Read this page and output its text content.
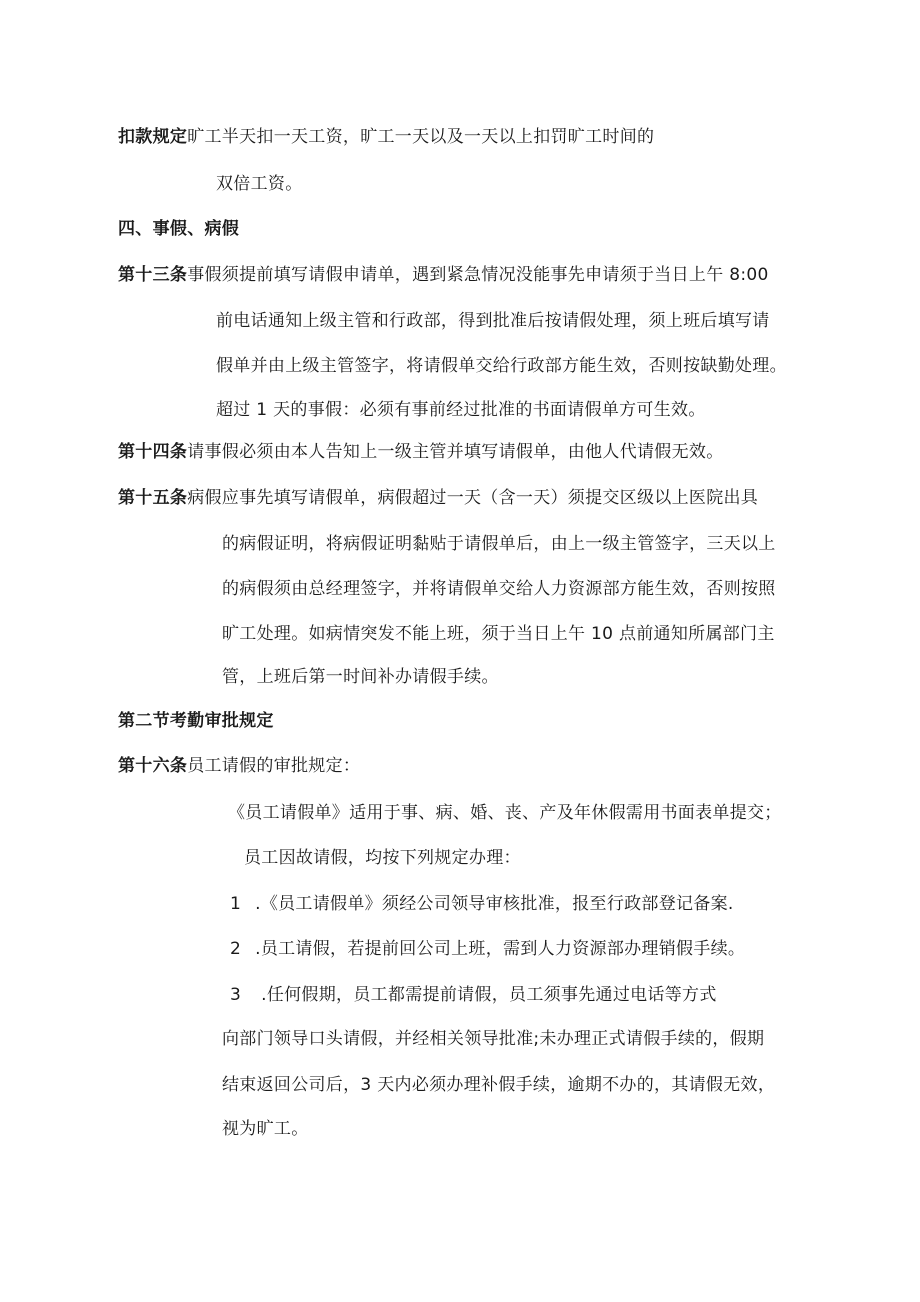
扣款规定旷工半天扣一天工资，旷工一天以及一天以上扣罚旷工时间的
双倍工资。
四、事假、病假
第十三条事假须提前填写请假申请单，遇到紧急情况没能事先申请须于当日上午 8:00
前电话通知上级主管和行政部，得到批准后按请假处理，须上班后填写请
假单并由上级主管签字，将请假单交给行政部方能生效，否则按缺勤处理。
超过 1 天的事假：必须有事前经过批准的书面请假单方可生效。
第十四条请事假必须由本人告知上一级主管并填写请假单，由他人代请假无效。
第十五条病假应事先填写请假单，病假超过一天（含一天）须提交区级以上医院出具
的病假证明，将病假证明黏贴于请假单后，由上一级主管签字，三天以上
的病假须由总经理签字，并将请假单交给人力资源部方能生效，否则按照
旷工处理。如病情突发不能上班，须于当日上午 10 点前通知所属部门主
管，上班后第一时间补办请假手续。
第二节考勤审批规定
第十六条员工请假的审批规定：
《员工请假单》适用于事、病、婚、丧、产及年休假需用书面表单提交；
员工因故请假，均按下列规定办理：
1 .《员工请假单》须经公司领导审核批准，报至行政部登记备案.
2 .员工请假，若提前回公司上班，需到人力资源部办理销假手续。
3 .任何假期，员工都需提前请假，员工须事先通过电话等方式
向部门领导口头请假，并经相关领导批准;未办理正式请假手续的，假期
结束返回公司后，3 天内必须办理补假手续，逾期不办的，其请假无效，
视为旷工。
